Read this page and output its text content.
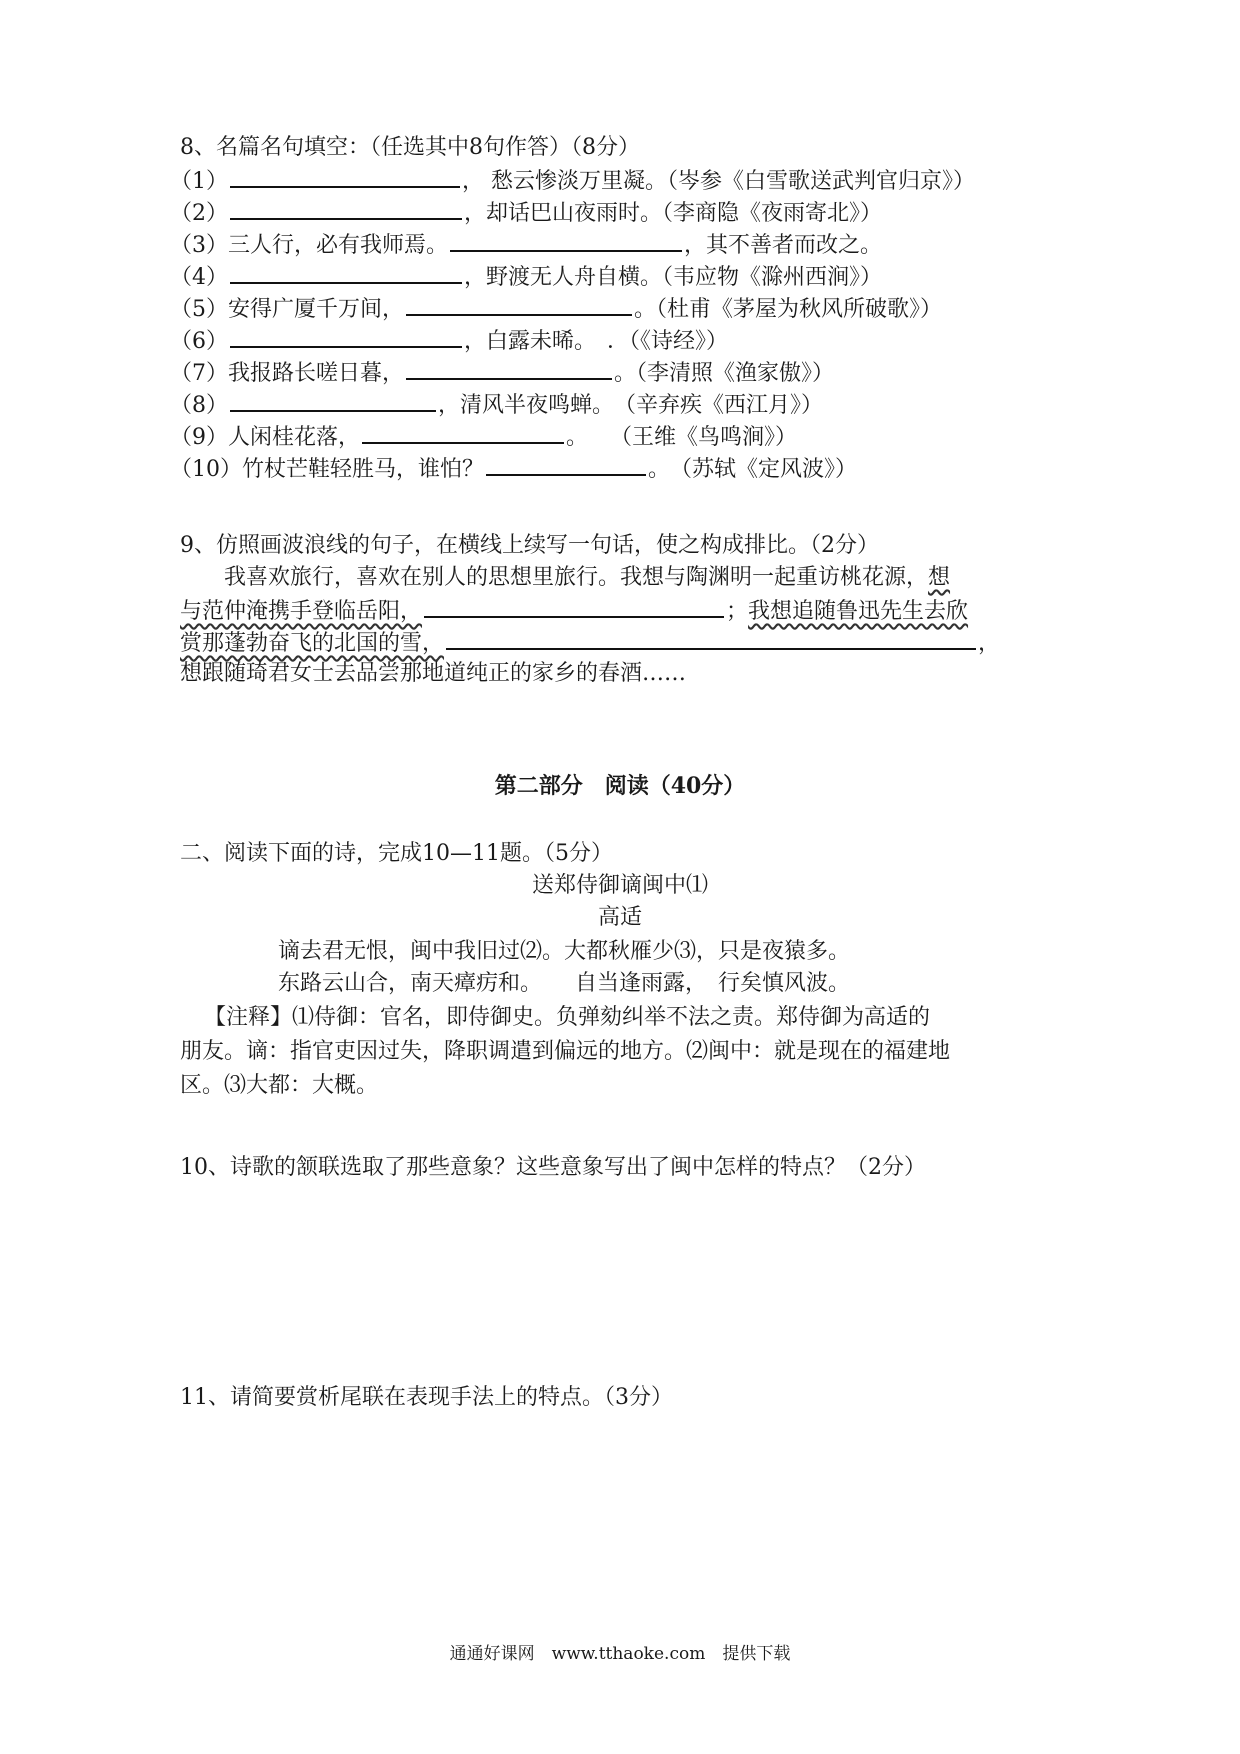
8、名篇名句填空：（任选其中8句作答）（8分）
（1）	， 愁云惨淡万里凝。（岑参《白雪歌送武判官归京》）
（2）	，却话巴山夜雨时。（李商隐《夜雨寄北》）
（3）三人行，必有我师焉。	，其不善者而改之。
（4）	，野渡无人舟自横。（韦应物《滁州西涧》）
（5）安得广厦千万间，	。（杜甫《茅屋为秋风所破歌》）
（6）	，白露未晞。　．（《诗经》）
（7）我报路长嗟日暮，	。（李清照《渔家傲》）
（8）	，清风半夜鸣蝉。　（辛弃疾《西江月》）
（9）人闲桂花落，	。　　（王维《鸟鸣涧》）
（10）竹杖芒鞋轻胜马，谁怕？	。　（苏轼《定风波》）
9、仿照画波浪线的句子，在横线上续写一句话，使之构成排比。（2分）
我喜欢旅行，喜欢在别人的思想里旅行。我想与陶渊明一起重访桃花源，想
与范仲淹携手登临岳阳，	；我想追随鲁迅先生去欣
赏那蓬勃奋飞的北国的雪，	，
想跟随琦君女士去品尝那地道纯正的家乡的春酒……
第二部分　阅读（40分）
二、阅读下面的诗，完成10—11题。（5分）
送郑侍御谪闽中⑴
高适
谪去君无恨，闽中我旧过⑵。大都秋雁少⑶，只是夜猿多。
东路云山合，南天瘴疠和。　　自当逢雨露，　行矣慎风波。
【注释】⑴侍御：官名，即侍御史。负弹劾纠举不法之责。郑侍御为高适的
朋友。谪：指官吏因过失，降职调遣到偏远的地方。⑵闽中：就是现在的福建地
区。⑶大都：大概。
10、诗歌的颔联选取了那些意象？这些意象写出了闽中怎样的特点？（2分）
11、请简要赏析尾联在表现手法上的特点。（3分）
通通好课网　www.tthaoke.com　提供下载
